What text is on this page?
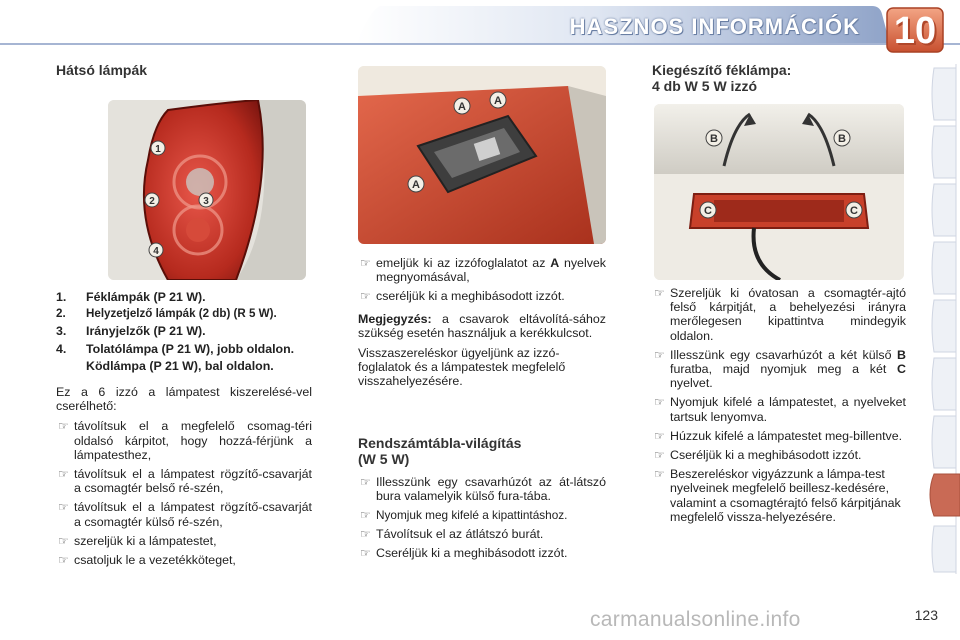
HASZNOS INFORMÁCIÓK 10
Hátsó lámpák
1
2	3
4
1. Féklámpák (P 21 W).
2. Helyzetjelző lámpák (2 db) (R 5 W).
3. Irányjelzők (P 21 W).
4. Tolatólámpa (P 21 W), jobb oldalon.
Ködlámpa (P 21 W), bal oldalon.

Ez a 6 izzó a lámpatest kiszerelésé-vel cserélhető:

☞ távolítsuk el a megfelelő csomag-téri oldalsó kárpitot, hogy hozzá-férjünk a lámpatesthez,
☞ távolítsuk el a lámpatest rögzítő-csavarját a csomagtér belső ré-szén,
☞ távolítsuk el a lámpatest rögzítő-csavarját a csomagtér külső ré-szén,
☞ szereljük ki a lámpatestet,
☞ csatoljuk le a vezetékköteget,
A	A
A
☞ emeljük ki az izzófoglalatot az A nyelvek megnyomásával,
☞ cseréljük ki a meghibásodott izzót.

Megjegyzés: a csavarok eltávolítá-sához szükség esetén használjuk a kerékkulcsot.

Visszaszereléskor ügyeljünk az izzó-foglalatok és a lámpatestek megfelelő visszahelyezésére.

Rendszámtábla-világítás
(W 5 W)
☞ Illesszünk egy csavarhúzót az át-látszó bura valamelyik külső fura-tába.
☞ Nyomjuk meg kifelé a kipattintáshoz.
☞ Távolítsuk el az átlátszó burát.
☞ Cseréljük ki a meghibásodott izzót.
Kiegészítő féklámpa:
4 db W 5 W izzó
B	B
C	C
☞ Szereljük ki óvatosan a csomagtér-ajtó felső kárpitját, a behelyezési irányra merőlegesen kipattintva mindegyik oldalon.
☞ Illesszünk egy csavarhúzót a két külső B furatba, majd nyomjuk meg a két C nyelvet.
☞ Nyomjuk kifelé a lámpatestet, a nyelveket tartsuk lenyomva.
☞ Húzzuk kifelé a lámpatestet meg-billentve.
☞ Cseréljük ki a meghibásodott izzót.
☞ Beszereléskor vigyázzunk a lámpa-test nyelveinek megfelelő beillesz-kedésére, valamint a csomagtérajtó felső kárpitjának megfelelő vissza-helyezésére.
carmanualsonline.info	123
